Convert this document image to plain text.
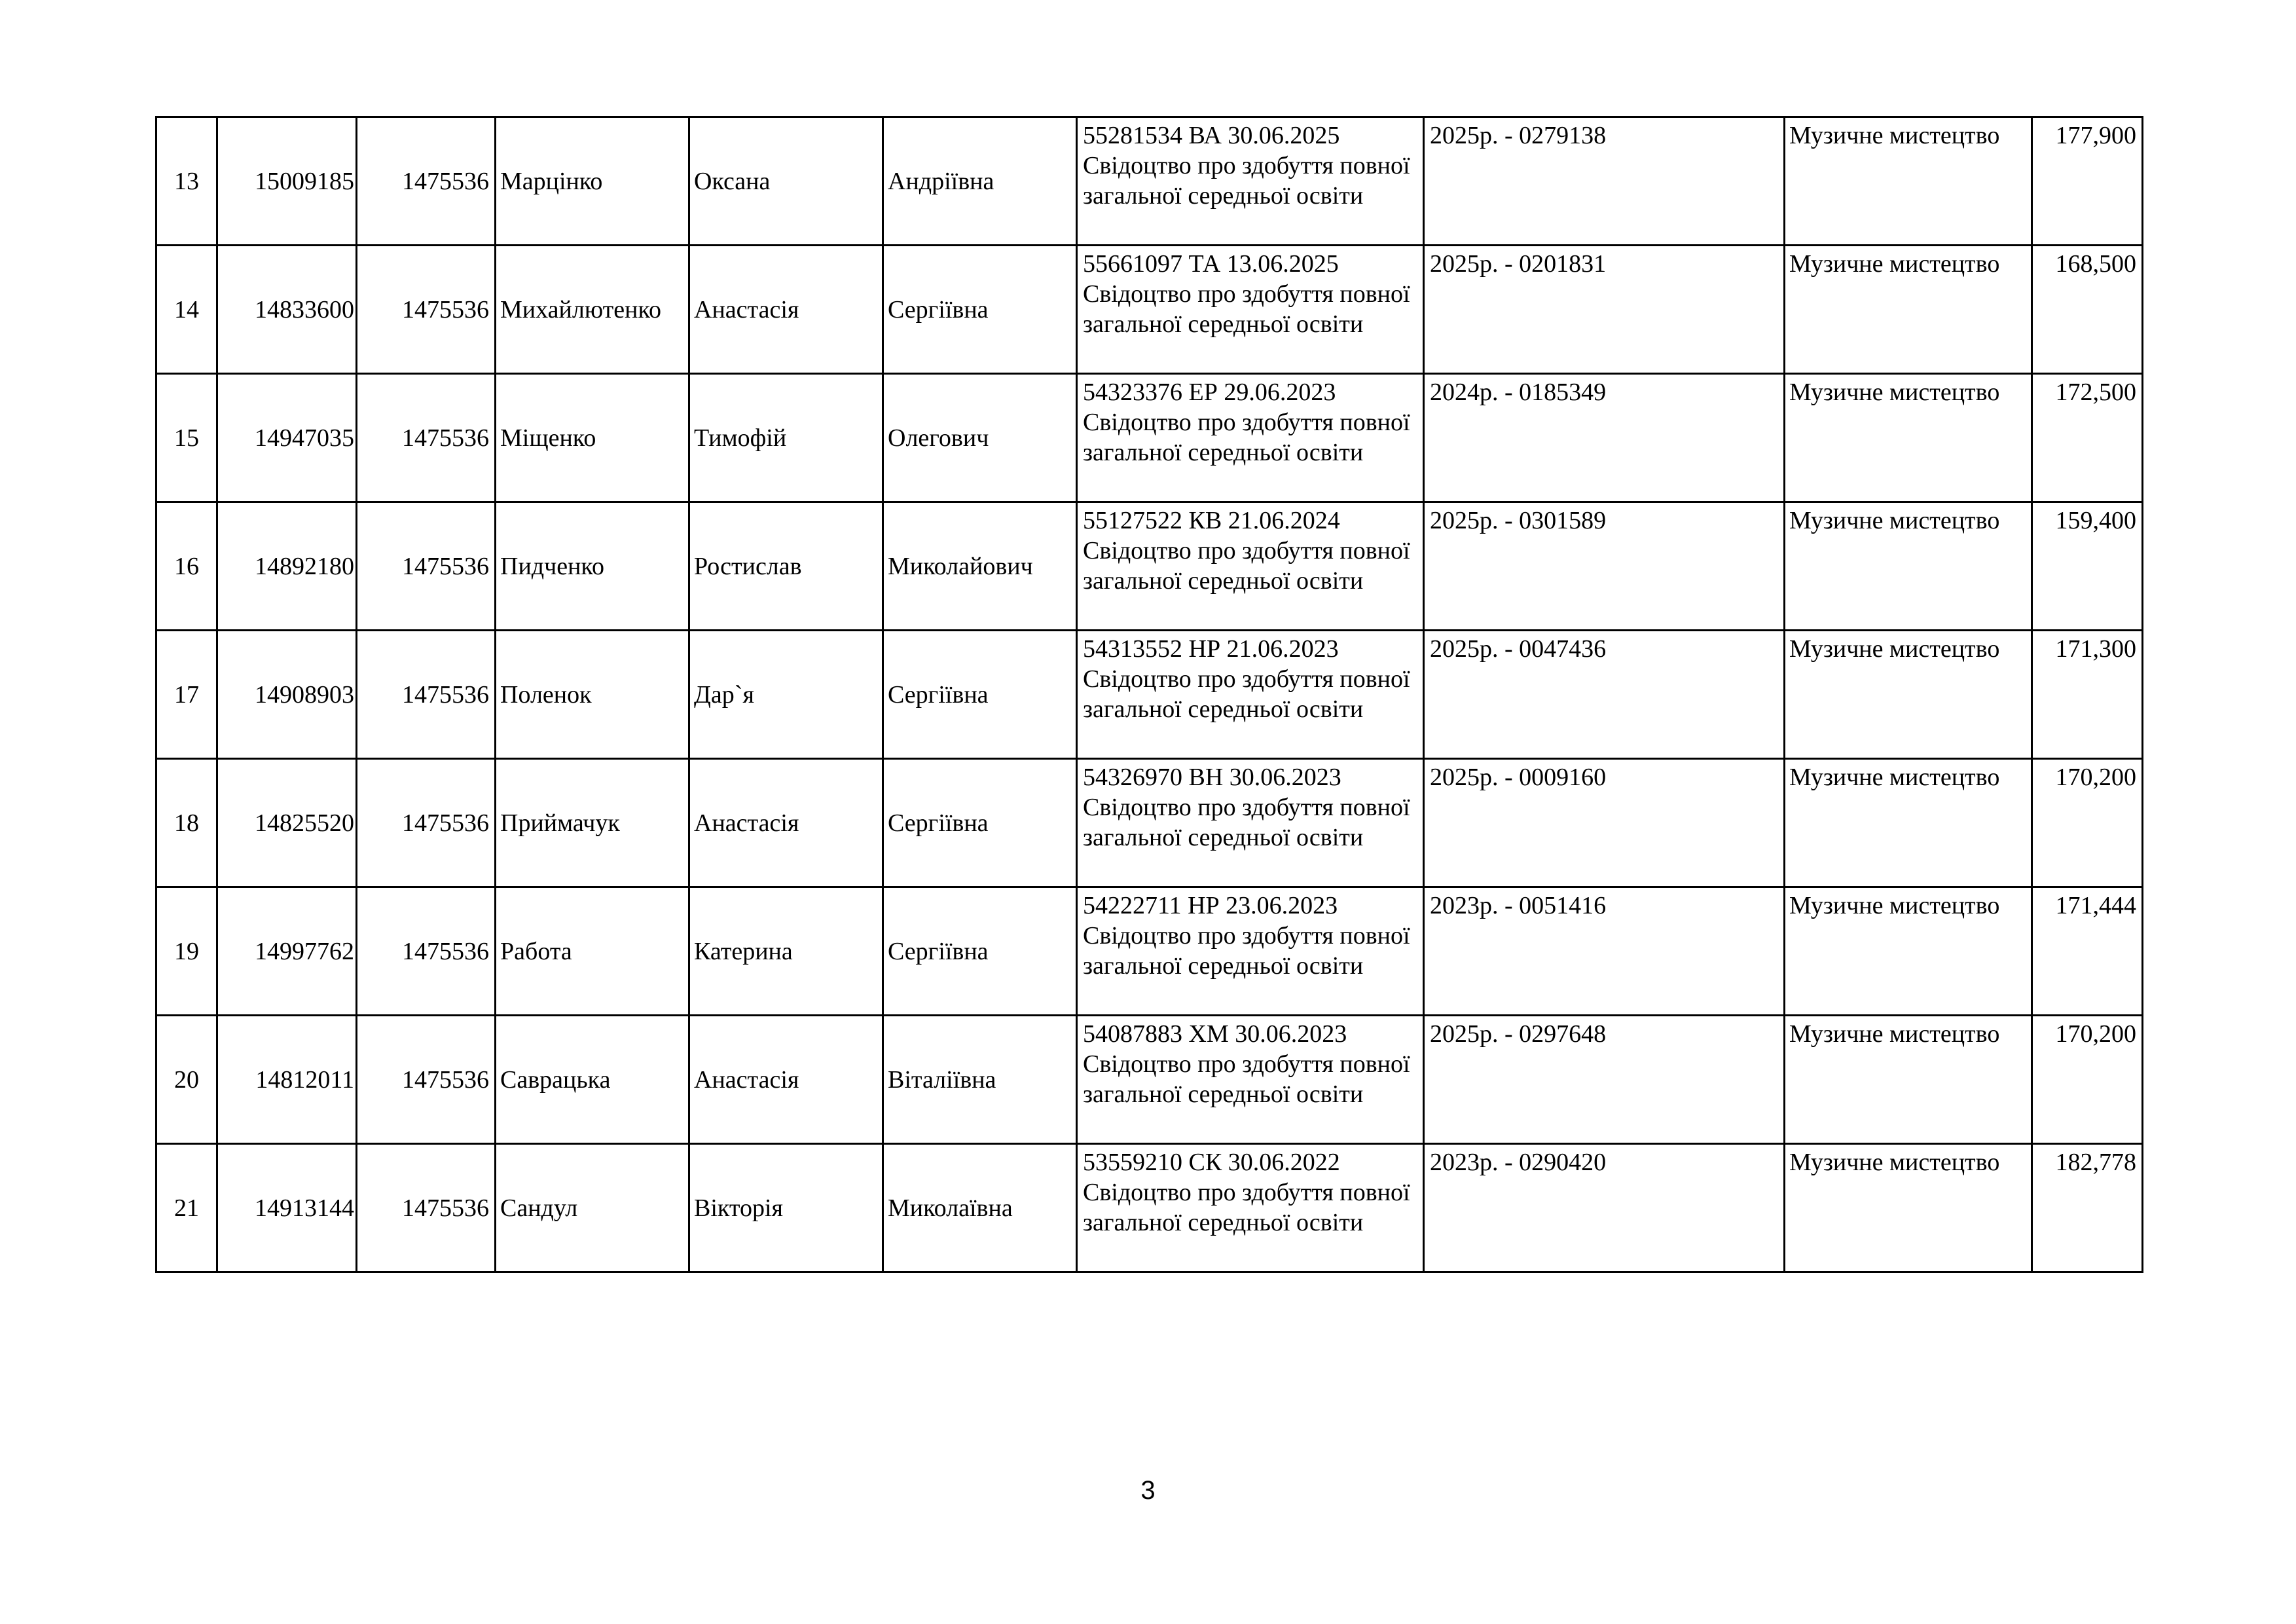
13	15009185	1475536	Марцінко	Оксана	Андріївна	55281534 ВА 30.06.2025
Свідоцтво про здобуття повної загальної середньої освіти	2025р. - 0279138	Музичне мистецтво	177,900
14	14833600	1475536	Михайлютенко	Анастасія	Сергіївна	55661097 ТА 13.06.2025
Свідоцтво про здобуття повної загальної середньої освіти	2025р. - 0201831	Музичне мистецтво	168,500
15	14947035	1475536	Міщенко	Тимофій	Олегович	54323376 ЕР 29.06.2023
Свідоцтво про здобуття повної загальної середньої освіти	2024р. - 0185349	Музичне мистецтво	172,500
16	14892180	1475536	Пидченко	Ростислав	Миколайович	55127522 КВ 21.06.2024
Свідоцтво про здобуття повної загальної середньої освіти	2025р. - 0301589	Музичне мистецтво	159,400
17	14908903	1475536	Поленок	Дар`я	Сергіївна	54313552 НР 21.06.2023
Свідоцтво про здобуття повної загальної середньої освіти	2025р. - 0047436	Музичне мистецтво	171,300
18	14825520	1475536	Приймачук	Анастасія	Сергіївна	54326970 ВН 30.06.2023
Свідоцтво про здобуття повної загальної середньої освіти	2025р. - 0009160	Музичне мистецтво	170,200
19	14997762	1475536	Работа	Катерина	Сергіївна	54222711 НР 23.06.2023
Свідоцтво про здобуття повної загальної середньої освіти	2023р. - 0051416	Музичне мистецтво	171,444
20	14812011	1475536	Саврацька	Анастасія	Віталіївна	54087883 ХМ 30.06.2023
Свідоцтво про здобуття повної загальної середньої освіти	2025р. - 0297648	Музичне мистецтво	170,200
21	14913144	1475536	Сандул	Вікторія	Миколаївна	53559210 СК 30.06.2022
Свідоцтво про здобуття повної загальної середньої освіти	2023р. - 0290420	Музичне мистецтво	182,778
3
